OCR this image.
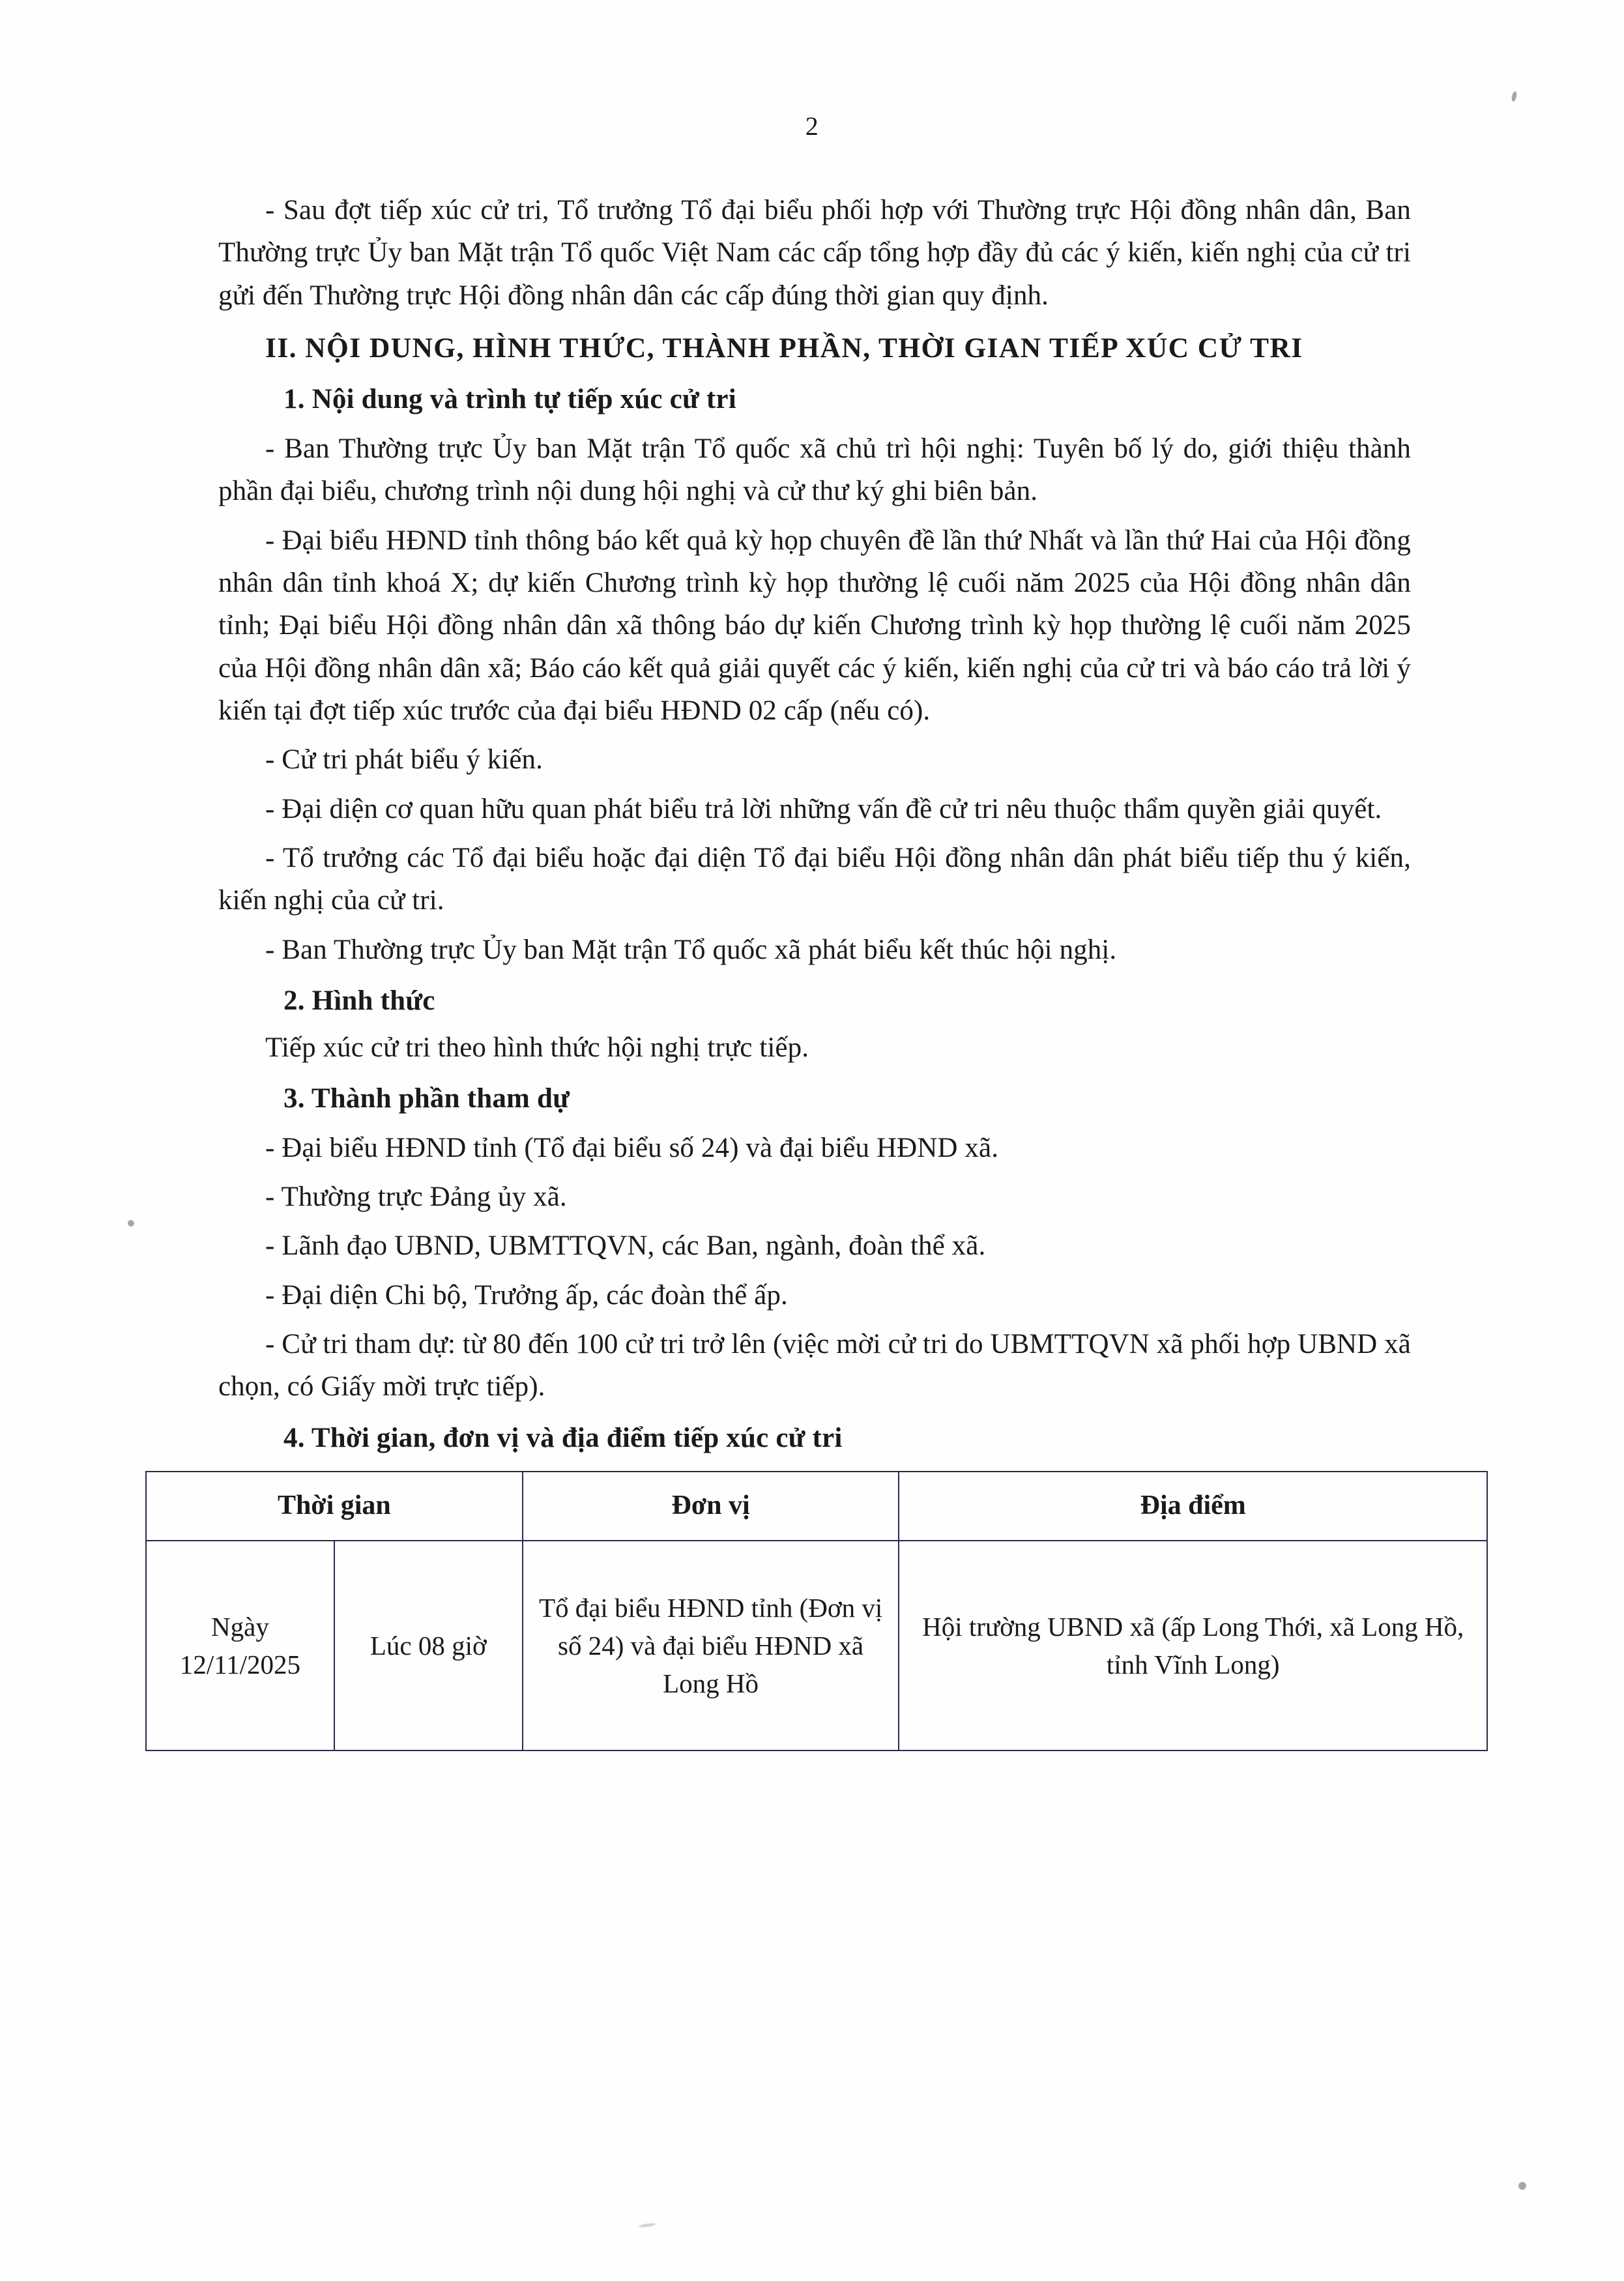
2

- Sau đợt tiếp xúc cử tri, Tổ trưởng Tổ đại biểu phối hợp với Thường trực Hội đồng nhân dân, Ban Thường trực Ủy ban Mặt trận Tổ quốc Việt Nam các cấp tổng hợp đầy đủ các ý kiến, kiến nghị của cử tri gửi đến Thường trực Hội đồng nhân dân các cấp đúng thời gian quy định.

II. NỘI DUNG, HÌNH THỨC, THÀNH PHẦN, THỜI GIAN TIẾP XÚC CỬ TRI

1. Nội dung và trình tự tiếp xúc cử tri

- Ban Thường trực Ủy ban Mặt trận Tổ quốc xã chủ trì hội nghị: Tuyên bố lý do, giới thiệu thành phần đại biểu, chương trình nội dung hội nghị và cử thư ký ghi biên bản.

- Đại biểu HĐND tỉnh thông báo kết quả kỳ họp chuyên đề lần thứ Nhất và lần thứ Hai của Hội đồng nhân dân tỉnh khoá X; dự kiến Chương trình kỳ họp thường lệ cuối năm 2025 của Hội đồng nhân dân tỉnh; Đại biểu Hội đồng nhân dân xã thông báo dự kiến Chương trình kỳ họp thường lệ cuối năm 2025 của Hội đồng nhân dân xã; Báo cáo kết quả giải quyết các ý kiến, kiến nghị của cử tri và báo cáo trả lời ý kiến tại đợt tiếp xúc trước của đại biểu HĐND 02 cấp (nếu có).

- Cử tri phát biểu ý kiến.

- Đại diện cơ quan hữu quan phát biểu trả lời những vấn đề cử tri nêu thuộc thẩm quyền giải quyết.

- Tổ trưởng các Tổ đại biểu hoặc đại diện Tổ đại biểu Hội đồng nhân dân phát biểu tiếp thu ý kiến, kiến nghị của cử tri.

- Ban Thường trực Ủy ban Mặt trận Tổ quốc xã phát biểu kết thúc hội nghị.

2. Hình thức

Tiếp xúc cử tri theo hình thức hội nghị trực tiếp.

3. Thành phần tham dự

- Đại biểu HĐND tỉnh (Tổ đại biểu số 24) và đại biểu HĐND xã.

- Thường trực Đảng ủy xã.

- Lãnh đạo UBND, UBMTTQVN, các Ban, ngành, đoàn thể xã.

- Đại diện Chi bộ, Trưởng ấp, các đoàn thể ấp.

- Cử tri tham dự: từ 80 đến 100 cử tri trở lên (việc mời cử tri do UBMTTQVN xã phối hợp UBND xã chọn, có Giấy mời trực tiếp).

4. Thời gian, đơn vị và địa điểm tiếp xúc cử tri

Thời gian		Đơn vị	Địa điểm
Ngày 12/11/2025	Lúc 08 giờ	Tổ đại biểu HĐND tỉnh (Đơn vị số 24) và đại biểu HĐND xã Long Hồ	Hội trường UBND xã (ấp Long Thới, xã Long Hồ, tỉnh Vĩnh Long)
